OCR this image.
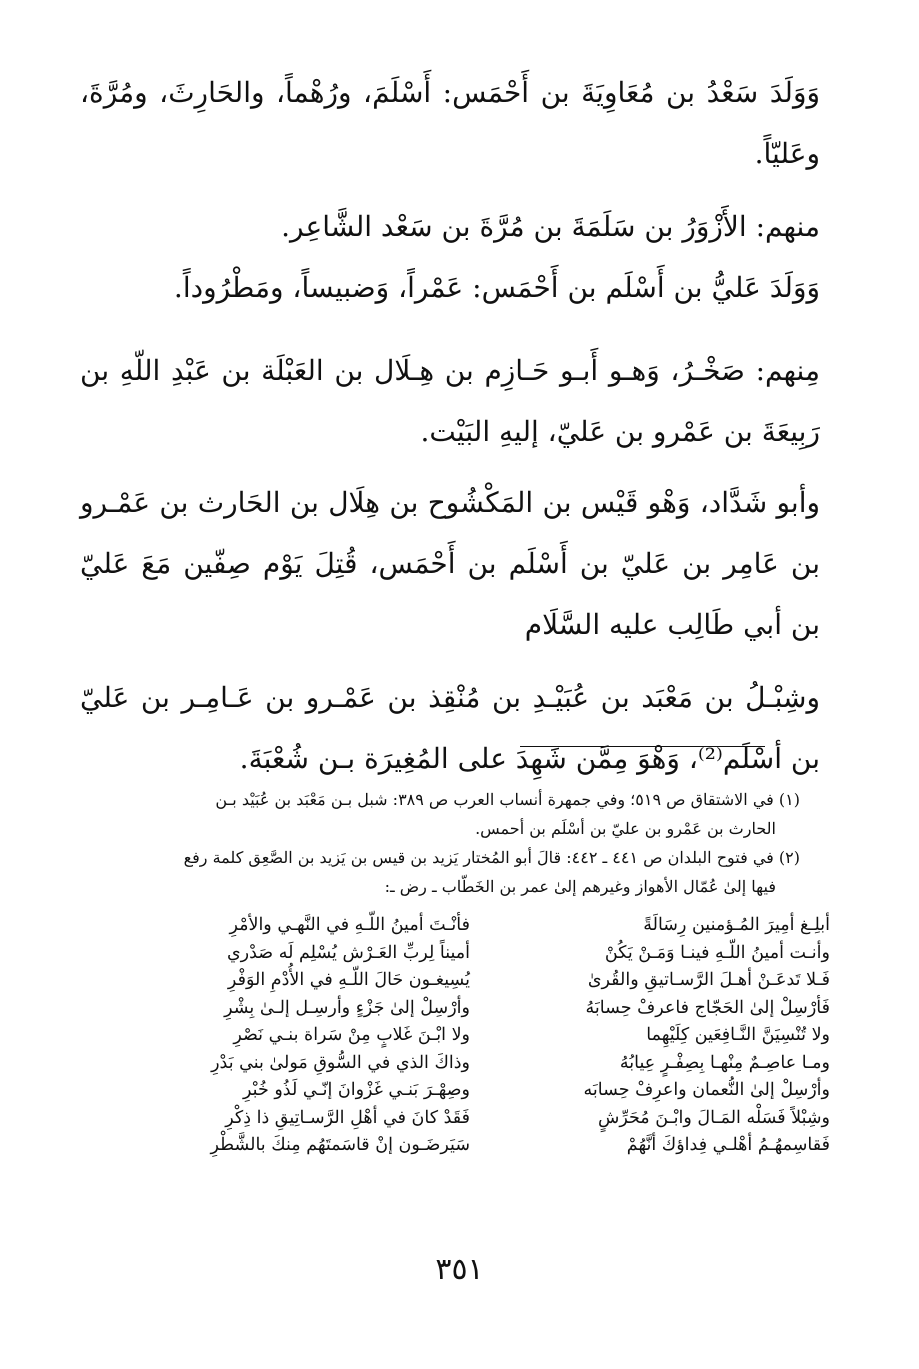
وَوَلَدَ سَعْدُ بن مُعَاوِيَةَ بن أَحْمَس: أَسْلَمَ، ورُهْماً، والحَارِثَ، ومُرَّةَ، وعَليّاً.

منهم: الأَزْوَرُ بن سَلَمَةَ بن مُرَّةَ بن سَعْد الشَّاعِر.

وَوَلَدَ عَليُّ بن أَسْلَم بن أَحْمَس: عَمْراً، وَضبيساً، ومَطْرُوداً.

مِنهم: صَخْـرُ، وَهـو أَبـو حَـازِم بن هِـلَال بن العَبْلَة بن عَبْدِ اللّهِ بن رَبِيعَةَ بن عَمْرو بن عَليّ، إليهِ البَيْت.

وأبو شَدَّاد، وَهْو قَيْس بن المَكْشُوح بن هِلَال بن الحَارث بن عَمْـرو بن عَامِر بن عَليّ بن أَسْلَم بن أَحْمَس، قُتِلَ يَوْم صِفّين مَعَ عَليّ بن أبي طَالِب عليه السَّلَام

وشِبْـلُ بن مَعْبَد بن عُبَيْـدِ بن مُنْقِذ بن عَمْـرو بن عَـامِـر بن عَليّ بن أسْلَم⁽²⁾، وَهْوَ مِمَّن شَهِدَ على المُغِيرَة بـن شُعْبَةَ.

(١) في الاشتقاق ص ٥١٩؛ وفي جمهرة أنساب العرب ص ٣٨٩: شبل بـن مَعْبَد بن عُبَيْد بـن
الحارث بن عَمْرو بن عليّ بن أسْلَم بن أحمس.

(٢) في فتوح البلدان ص ٤٤١ ـ ٤٤٢: قالَ أبو المُختار يَزيد بن قيس بن يَزيد بن الصَّعِق كلمة رفع
فيها إلىٰ عُمّال الأهواز وغيرهم إلىٰ عمر بن الخَطّاب ـ رض ـ:

أبلِـغ أمِيرَ المُـؤمنين رِسَالَةً
فأنْـتَ أمينُ اللّـهِ في النَّهـي والأمْرِ
وأنـت أمينُ اللّـهِ فينـا وَمَـنْ يَكُنْ
أميناً لِربِّ العَـرْش يُسْلِم لَه صَدْري
فَـلا تَدعَـنْ أهـلَ الرَّسـاتيقِ والقُرىٰ
يُسِيغـون حَالَ اللّـهِ في الأُدْمِ الوَفْرِ
فَأرْسِلْ إلىٰ الحَجّاج فاعرفْ حِسابَهُ
وأرْسِلْ إلىٰ جَزْءٍ وأرسِـل إلـىٰ بِشْرِ
ولا تُنْسِيَنَّ النَّـافِعَين كِلَيْهِما
ولا ابْـنَ غَلابٍ مِنْ سَراة بنـي نَصْرِ
ومـا عاصِـمٌ مِنْهـا بِصِفْـرٍ عِيابُهُ
وذاكَ الذي في السُّوقِ مَولىٰ بني بَدْرِ
وأرْسِلْ إلىٰ النُّعمان واعرِفْ حِسابَه
وصِهْـرَ بَنـي غَزْوانَ إنّـي لَذُو خُبْرِ
وشِبْلاً فَسَلْه المَـالَ وابْـنَ مُحَرِّشٍ
فَقَدْ كانَ في أهْلِ الرَّسـاتِيقِ ذا ذِكْرِ
فَقاسِمهُـمُ أهْلـي فِداؤكَ أنَّهُمْ
سَيَرضَـون إنْ قاسَمتَهُم مِنكَ بالشَّطْرِ
٣٥١
